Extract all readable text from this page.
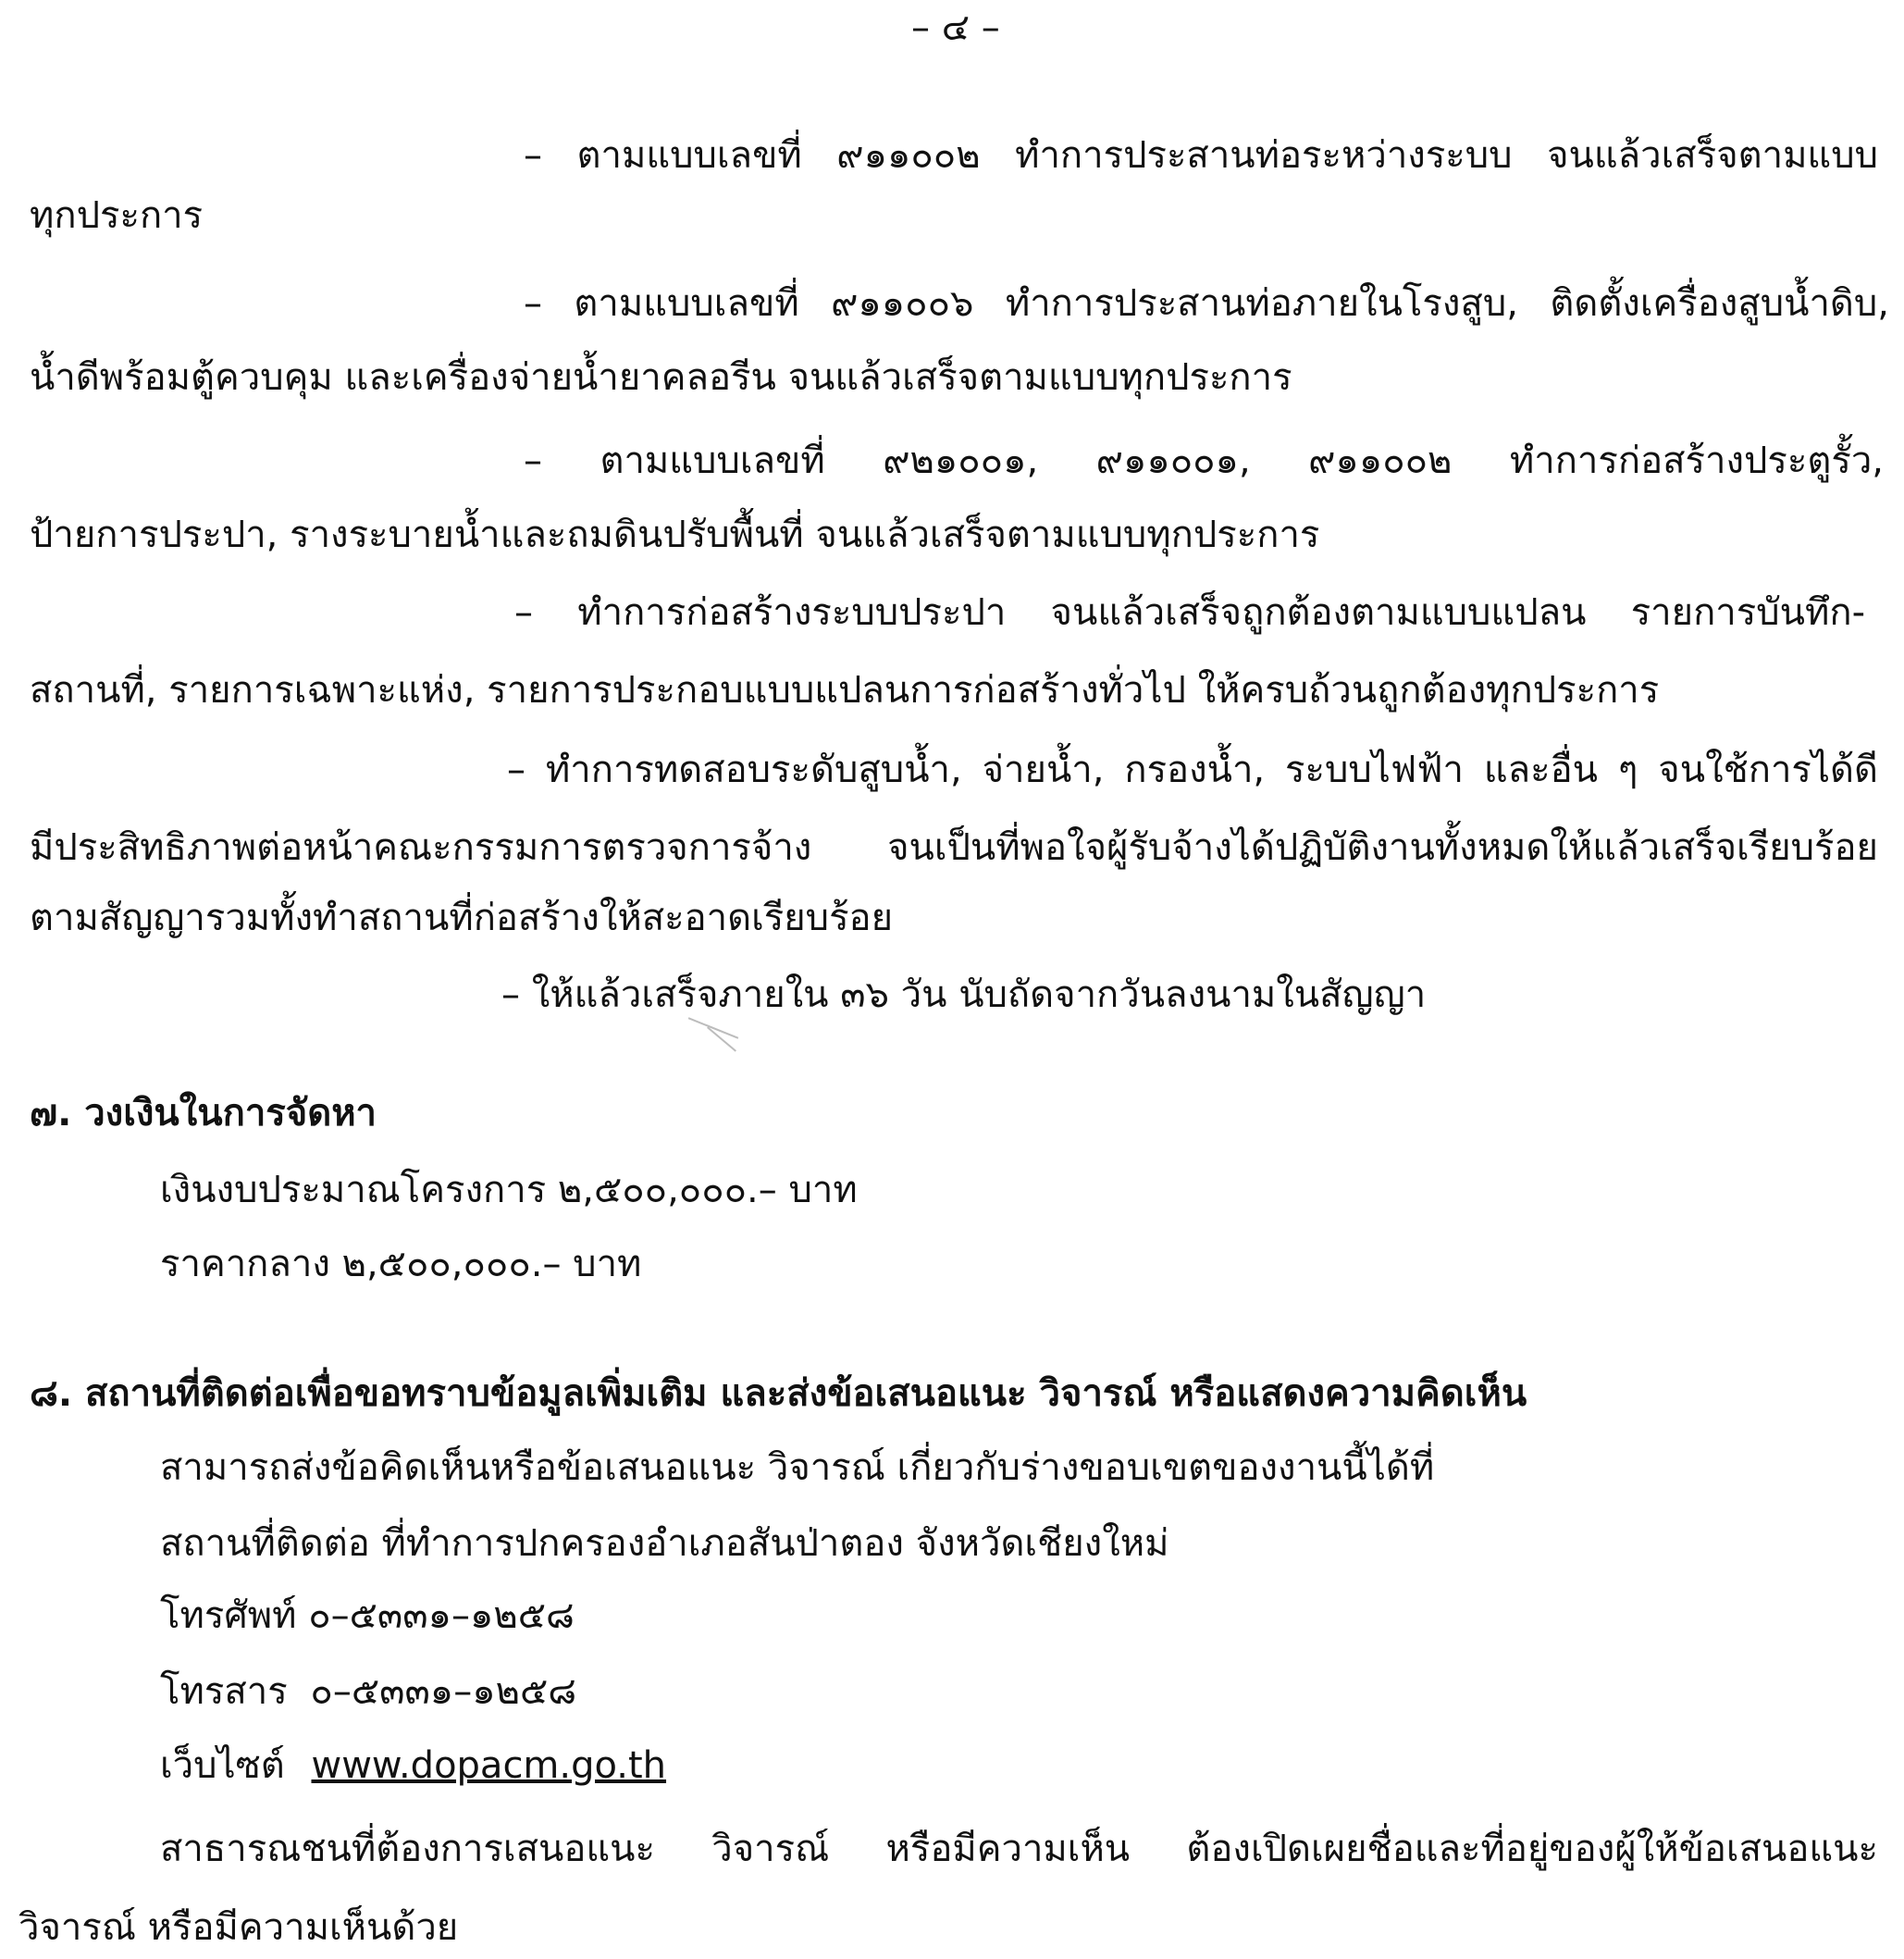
– ๔ –
– ตามแบบเลขที่ ๙๑๑๐๐๒ ทำการประสานท่อระหว่างระบบ จนแล้วเสร็จตามแบบ
ทุกประการ
– ตามแบบเลขที่ ๙๑๑๐๐๖ ทำการประสานท่อภายในโรงสูบ, ติดตั้งเครื่องสูบน้ำดิบ,
น้ำดีพร้อมตู้ควบคุม และเครื่องจ่ายน้ำยาคลอรีน จนแล้วเสร็จตามแบบทุกประการ
– ตามแบบเลขที่ ๙๒๑๐๐๑, ๙๑๑๐๐๑, ๙๑๑๐๐๒ ทำการก่อสร้างประตูรั้ว,
ป้ายการประปา, รางระบายน้ำและถมดินปรับพื้นที่ จนแล้วเสร็จตามแบบทุกประการ
– ทำการก่อสร้างระบบประปา จนแล้วเสร็จถูกต้องตามแบบแปลน รายการบันทึก-
สถานที่, รายการเฉพาะแห่ง, รายการประกอบแบบแปลนการก่อสร้างทั่วไป ให้ครบถ้วนถูกต้องทุกประการ
– ทำการทดสอบระดับสูบน้ำ, จ่ายน้ำ, กรองน้ำ, ระบบไฟฟ้า และอื่น ๆ จนใช้การได้ดี
มีประสิทธิภาพต่อหน้าคณะกรรมการตรวจการจ้าง จนเป็นที่พอใจผู้รับจ้างได้ปฏิบัติงานทั้งหมดให้แล้วเสร็จเรียบร้อย
ตามสัญญารวมทั้งทำสถานที่ก่อสร้างให้สะอาดเรียบร้อย
– ให้แล้วเสร็จภายใน ๓๖ วัน นับถัดจากวันลงนามในสัญญา
๗. วงเงินในการจัดหา
เงินงบประมาณโครงการ ๒,๕๐๐,๐๐๐.– บาท
ราคากลาง ๒,๕๐๐,๐๐๐.– บาท
๘. สถานที่ติดต่อเพื่อขอทราบข้อมูลเพิ่มเติม และส่งข้อเสนอแนะ วิจารณ์ หรือแสดงความคิดเห็น
สามารถส่งข้อคิดเห็นหรือข้อเสนอแนะ วิจารณ์ เกี่ยวกับร่างขอบเขตของงานนี้ได้ที่
สถานที่ติดต่อ ที่ทำการปกครองอำเภอสันป่าตอง จังหวัดเชียงใหม่
โทรศัพท์ ๐–๕๓๓๑–๑๒๕๘
โทรสาร ๐–๕๓๓๑–๑๒๕๘
เว็บไซต์ www.dopacm.go.th
สาธารณชนที่ต้องการเสนอแนะ วิจารณ์ หรือมีความเห็น ต้องเปิดเผยชื่อและที่อยู่ของผู้ให้ข้อเสนอแนะ
วิจารณ์ หรือมีความเห็นด้วย
